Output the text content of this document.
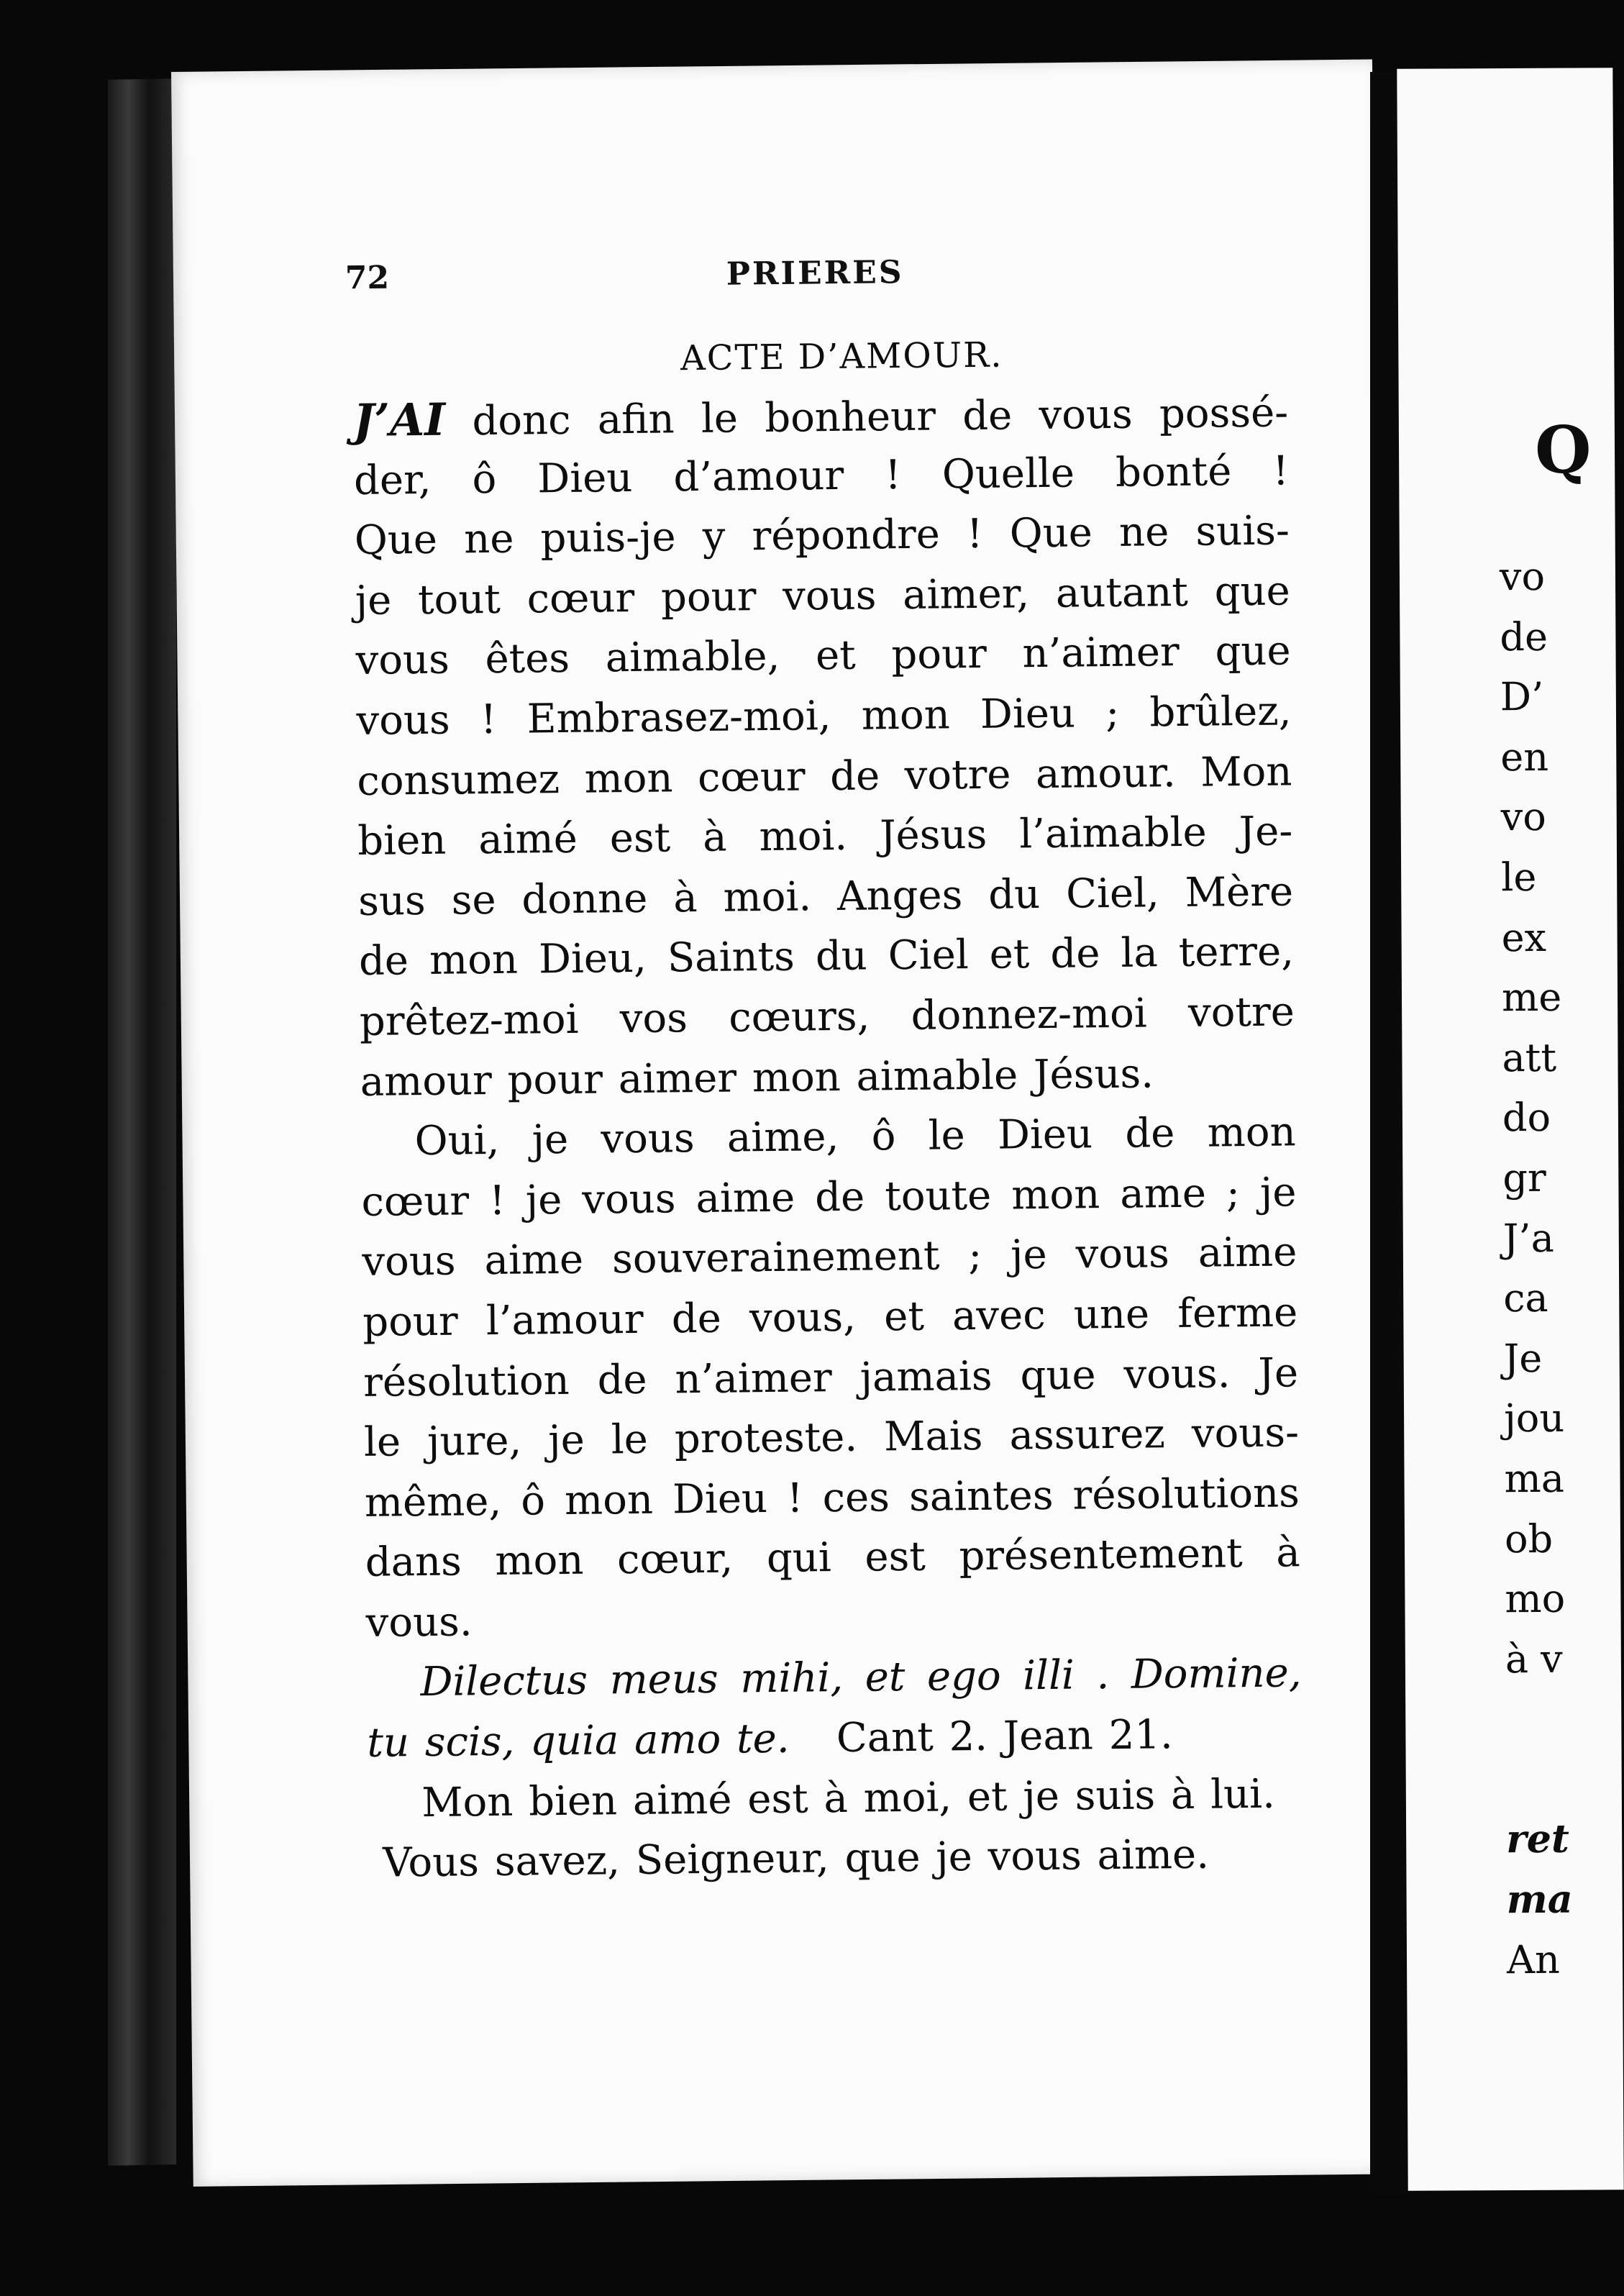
72	PRIERES
ACTE D’AMOUR.
J’AI donc afin le bonheur de vous possé-
der, ô Dieu d’amour ! Quelle bonté !
Que ne puis-je y répondre ! Que ne suis-
je tout cœur pour vous aimer, autant que
vous êtes aimable, et pour n’aimer que
vous ! Embrasez-moi, mon Dieu ; brûlez,
consumez mon cœur de votre amour. Mon
bien aimé est à moi. Jésus l’aimable Je-
sus se donne à moi. Anges du Ciel, Mère
de mon Dieu, Saints du Ciel et de la terre,
prêtez-moi vos cœurs, donnez-moi votre
amour pour aimer mon aimable Jésus.
Oui, je vous aime, ô le Dieu de mon
cœur ! je vous aime de toute mon ame ; je
vous aime souverainement ; je vous aime
pour l’amour de vous, et avec une ferme
résolution de n’aimer jamais que vous. Je
le jure, je le proteste. Mais assurez vous-
même, ô mon Dieu ! ces saintes résolutions
dans mon cœur, qui est présentement à
vous.
Dilectus meus mihi, et ego illi . Domine,
tu scis, quia amo te. Cant 2. Jean 21.
Mon bien aimé est à moi, et je suis à lui.
Vous savez, Seigneur, que je vous aime.
Q
vo
de
D’
en
vo
le
ex
me
att
do
gr
J’a
ca
Je
jou
ma
ob
mo
à v
ret
ma
An
